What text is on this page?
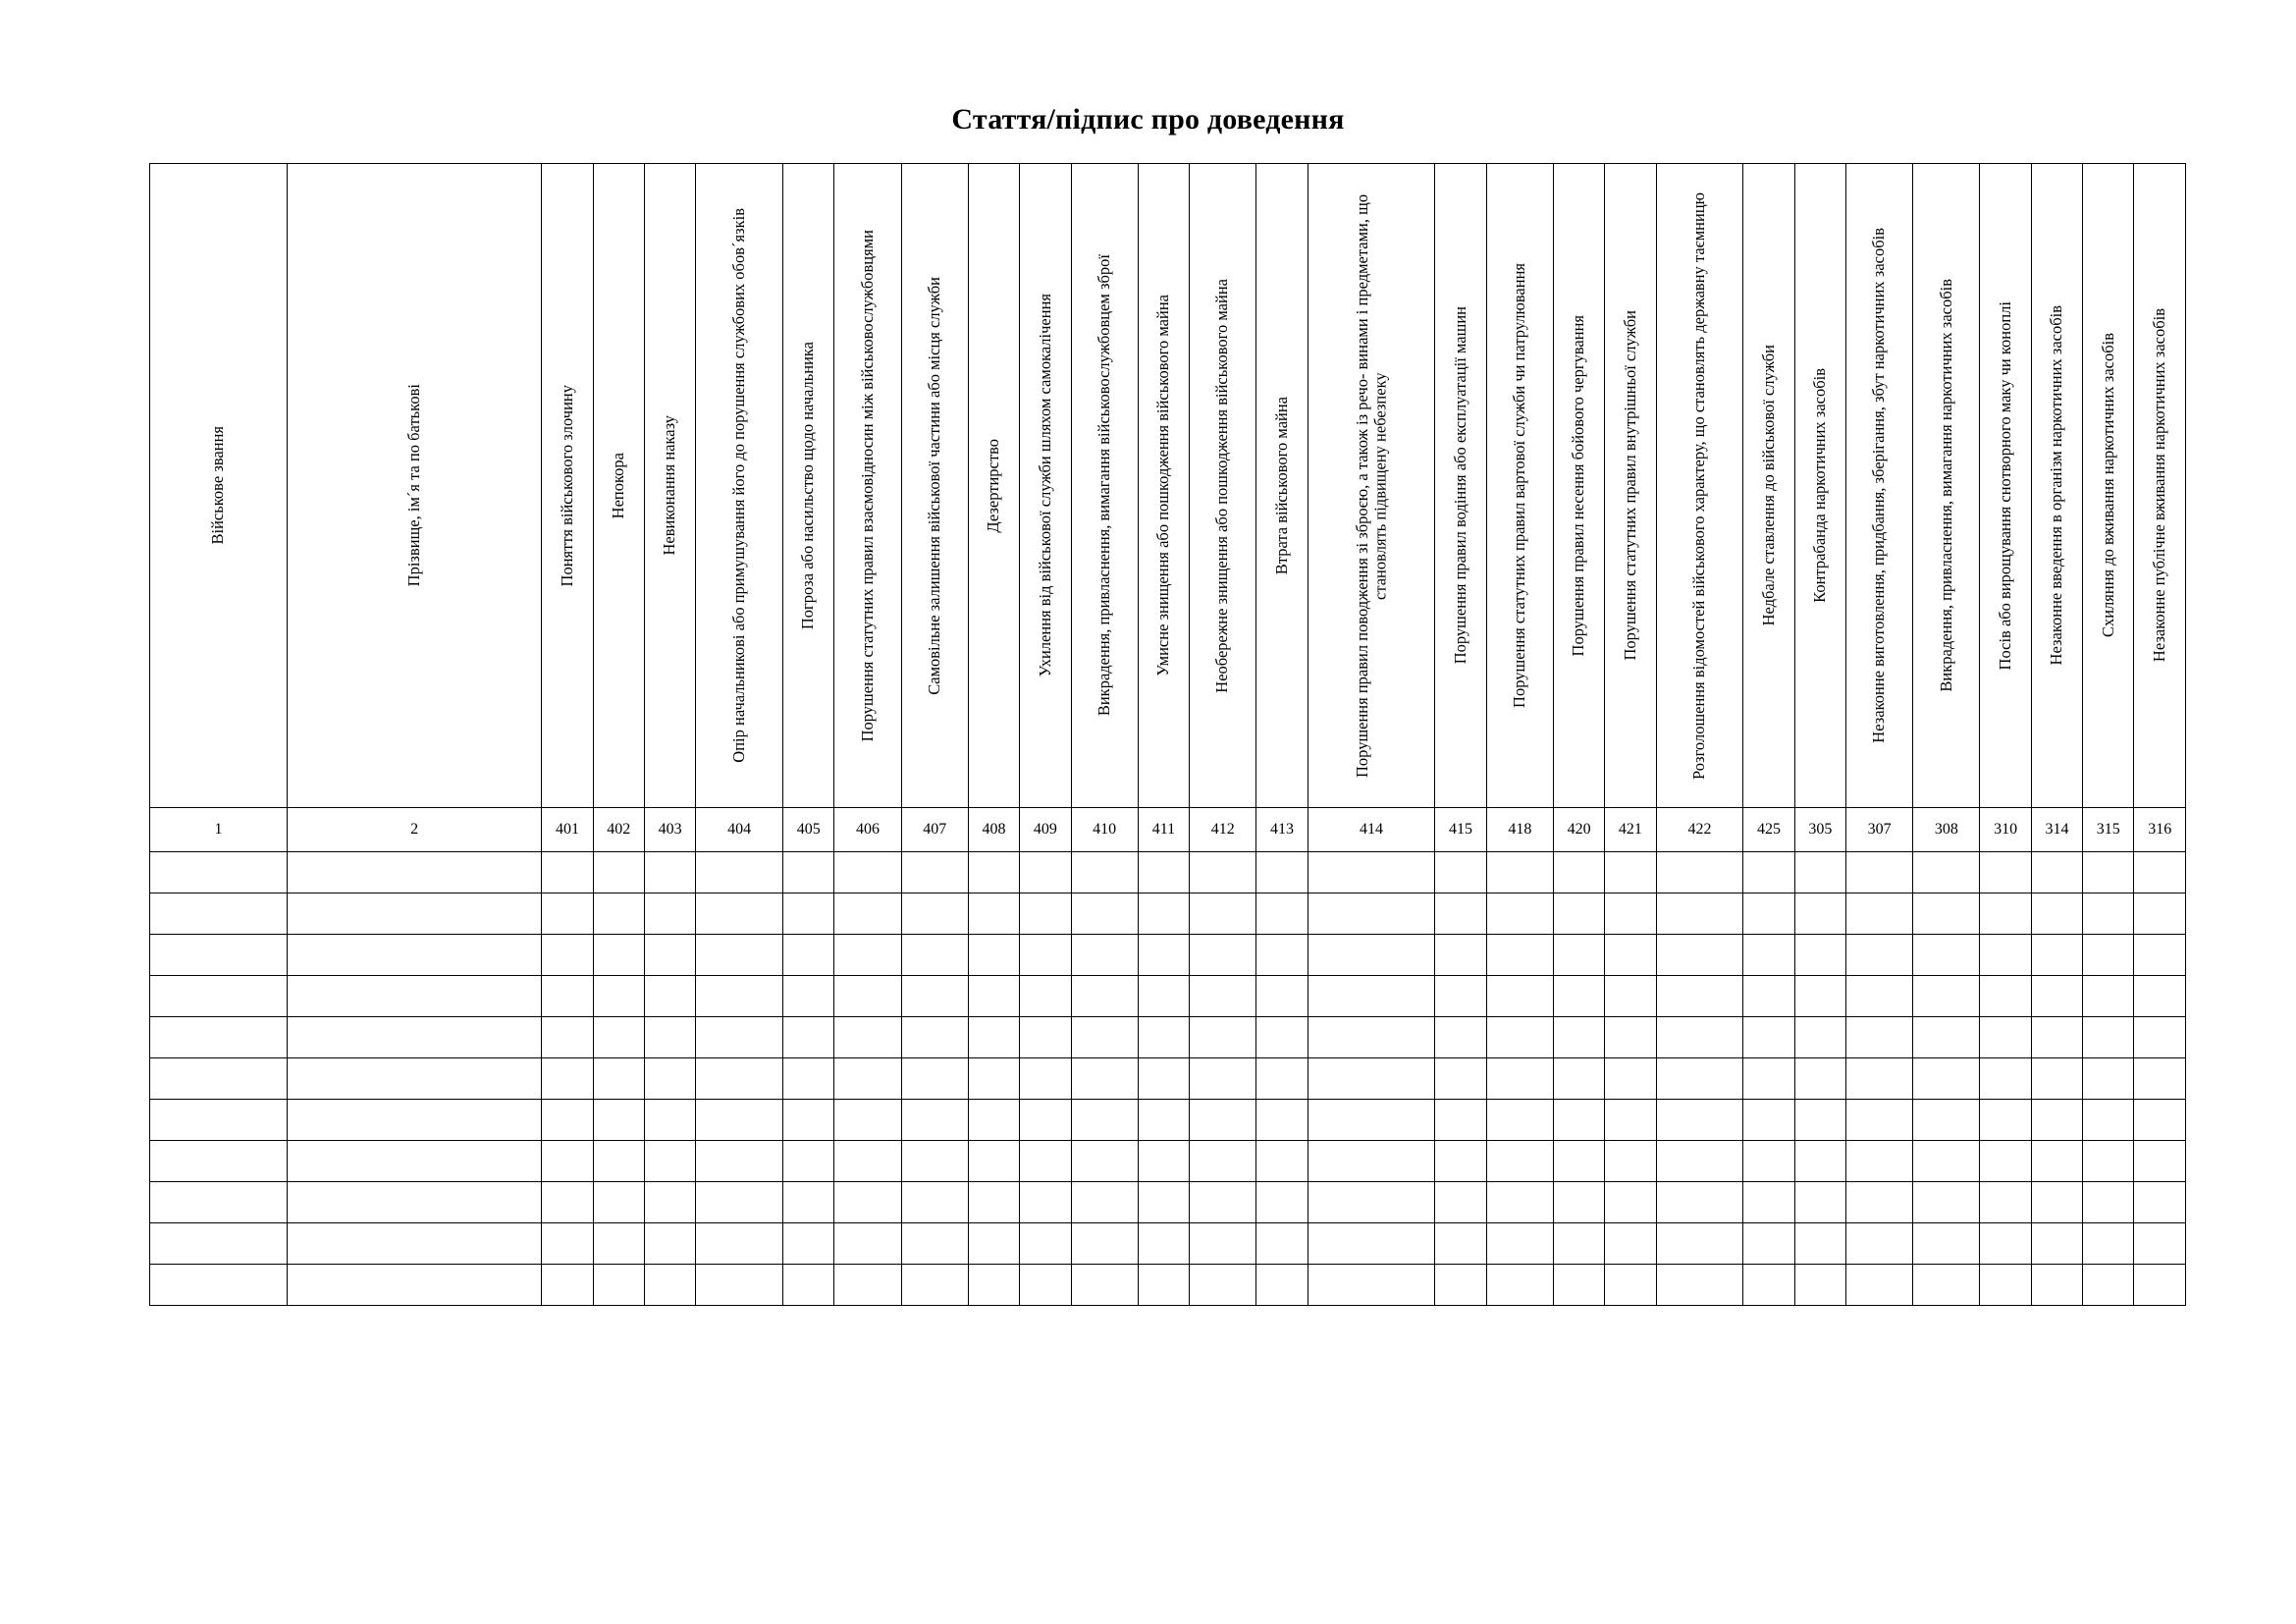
Стаття/підпис про доведення
Військове звання	Прізвище, ім´я та по батькові	Поняття військового злочину	Непокора	Невиконання наказу	Опір начальникові або примушування його до порушення службових обов´язків	Погроза або насильство щодо начальника	Порушення статутних правил взаємовідносин між військовослужбовцями	Самовільне залишення військової частини або місця служби	Дезертирство	Ухилення від військової служби шляхом самокалічення	Викрадення, привласнення, вимагання військовослужбовцем зброї	Умисне знищення або пошкодження військового майна	Необережне знищення або пошкодження військового майна	Втрата військового майна	Порушення правил поводження зі зброєю, а також із речо- винами і предметами, що становлять підвищену небезпеку	Порушення правил водіння або експлуатації машин	Порушення статутних правил вартової служби чи патрулювання	Порушення правил несення бойового чергування	Порушення статутних правил внутрішньої служби	Розголошення відомостей військового характеру, що становлять державну таємницю	Недбале ставлення до військової служби	Контрабанда наркотичних засобів	Незаконне виготовлення, придбання, зберігання, збут наркотичних засобів	Викрадення, привласнення, вимагання наркотичних засобів	Посів або вирощування снотворного маку чи коноплі	Незаконне введення в організм наркотичних засобів	Схиляння до вживання наркотичних засобів	Незаконне публічне вживання наркотичних засобів

1	2	401	402	403	404	405	406	407	408	409	410	411	412	413	414	415	418	420	421	422	425	305	307	308	310	314	315	316
